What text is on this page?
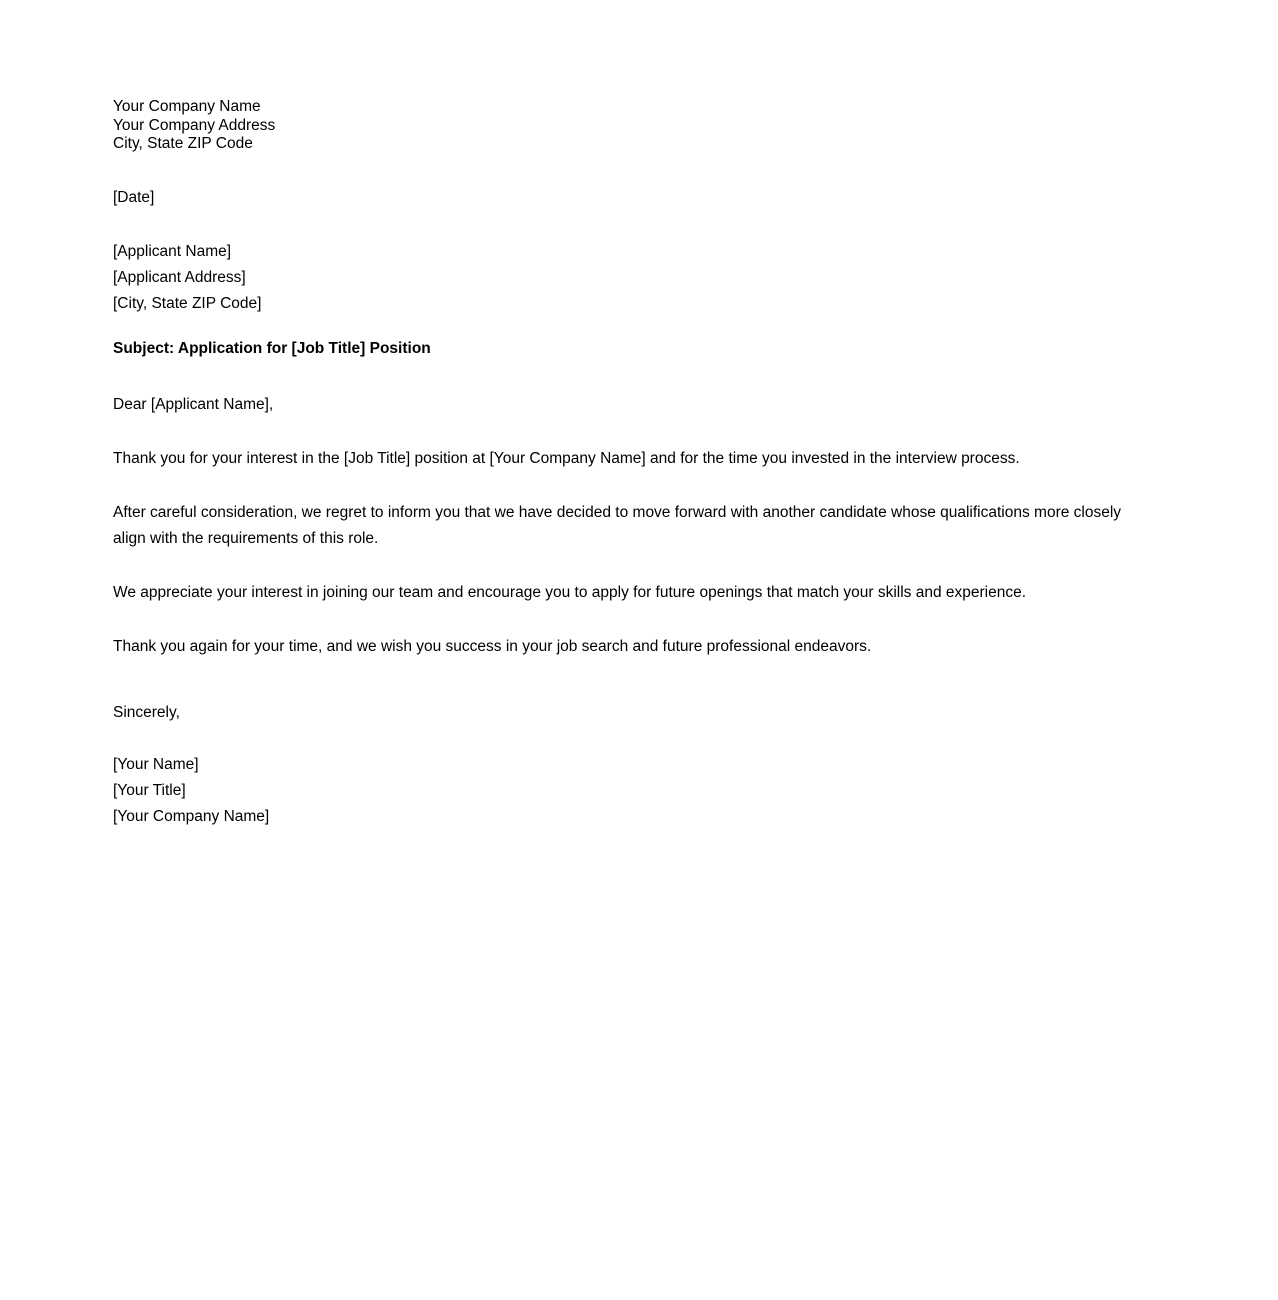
Your Company Name
Your Company Address
City, State ZIP Code
[Date]
[Applicant Name]
[Applicant Address]
[City, State ZIP Code]
Subject: Application for [Job Title] Position
Dear [Applicant Name],

Thank you for your interest in the [Job Title] position at [Your Company Name] and for the time you invested in the interview process.

After careful consideration, we regret to inform you that we have decided to move forward with another candidate whose qualifications more closely align with the requirements of this role.

We appreciate your interest in joining our team and encourage you to apply for future openings that match your skills and experience.

Thank you again for your time, and we wish you success in your job search and future professional endeavors.

Sincerely,
[Your Name]
[Your Title]
[Your Company Name]
